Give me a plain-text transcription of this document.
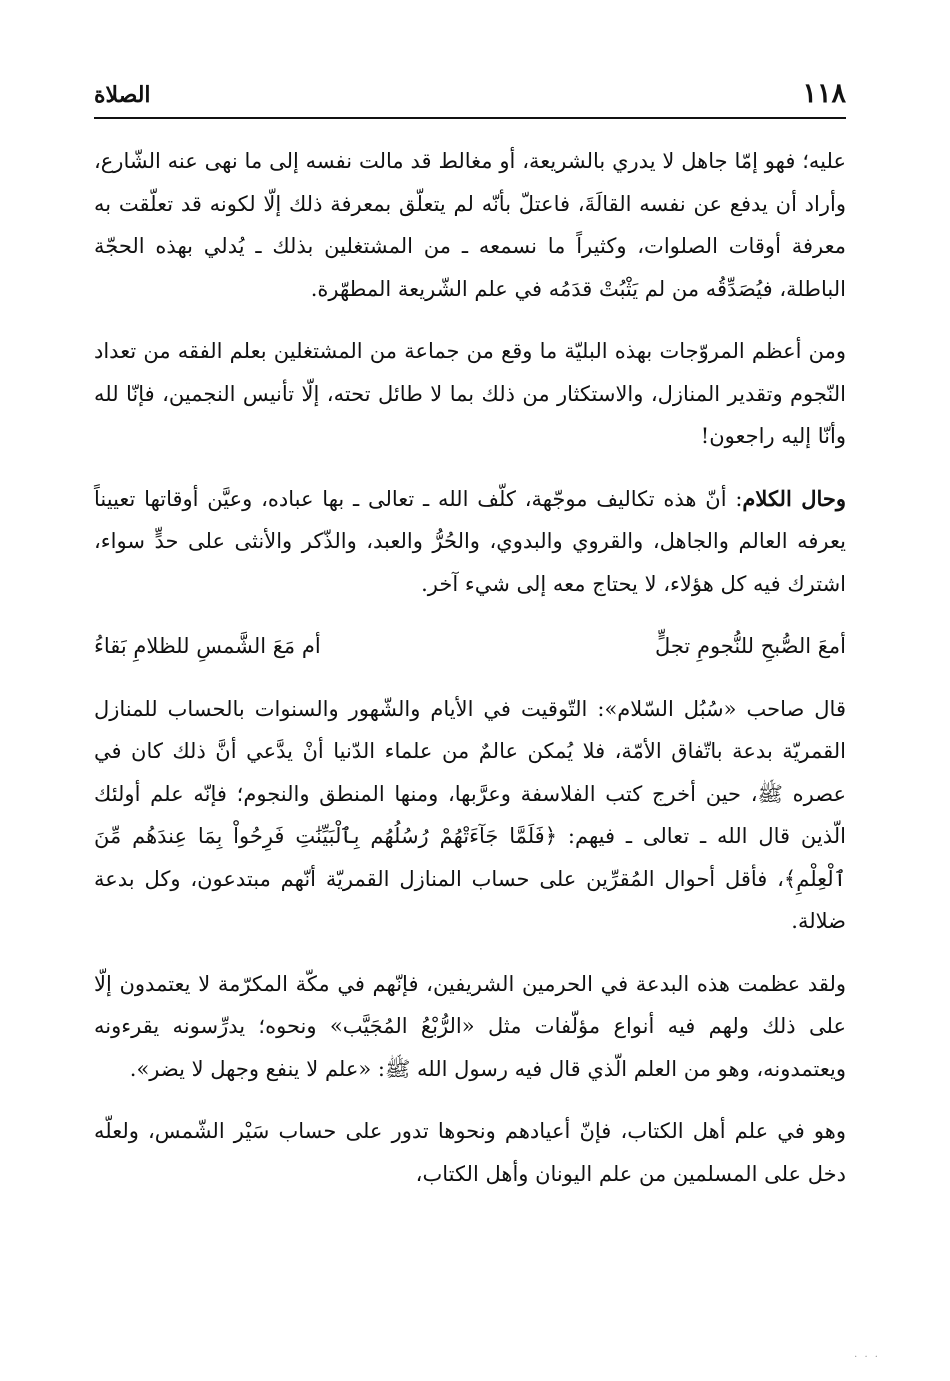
١١٨
الصلاة

عليه؛ فهو إمّا جاهل لا يدري بالشريعة، أو مغالط قد مالت نفسه إلى ما نهى عنه الشّارع، وأراد أن يدفع عن نفسه القالَةَ، فاعتلّ بأنّه لم يتعلّق بمعرفة ذلك إلّا لكونه قد تعلّقت به معرفة أوقات الصلوات، وكثيراً ما نسمعه ـ من المشتغلين بذلك ـ يُدلي بهذه الحجّة الباطلة، فيُصَدِّقُه من لم يَثْبُتْ قدَمُه في علم الشّريعة المطهّرة.

ومن أعظم المروّجات بهذه البليّة ما وقع من جماعة من المشتغلين بعلم الفقه من تعداد النّجوم وتقدير المنازل، والاستكثار من ذلك بما لا طائل تحته، إلّا تأنيس النجمين، فإنّا لله وأنّا إليه راجعون!

وحال الكلام: أنّ هذه تكاليف موجّهة، كلّف الله ـ تعالى ـ بها عباده، وعيَّن أوقاتها تعييناً يعرفه العالم والجاهل، والقروي والبدوي، والحُرُّ والعبد، والذّكر والأنثى على حدٍّ سواء، اشترك فيه كل هؤلاء، لا يحتاج معه إلى شيء آخر.

أمعَ الصُّبحِ للنُّجومِ تجلٍّ
أم مَعَ الشَّمسِ للظلامِ بَقاءُ

قال صاحب «سُبُل السّلام»: التّوقيت في الأيام والشّهور والسنوات بالحساب للمنازل القمريّة بدعة باتّفاق الأمّة، فلا يُمكن عالمٌ من علماء الدّنيا أنْ يدَّعي أنَّ ذلك كان في عصره ﷺ، حين أخرج كتب الفلاسفة وعرَّبها، ومنها المنطق والنجوم؛ فإنّه علم أولئك الّذين قال الله ـ تعالى ـ فيهم: ﴿فَلَمَّا جَآءَتْهُمْ رُسُلُهُم بِٱلْبَيِّنَٰتِ فَرِحُواْ بِمَا عِندَهُم مِّنَ ٱلْعِلْمِ﴾، فأقل أحوال المُقرِّين على حساب المنازل القمريّة أنّهم مبتدعون، وكل بدعة ضلالة.

ولقد عظمت هذه البدعة في الحرمين الشريفين، فإنّهم في مكّة المكرّمة لا يعتمدون إلّا على ذلك ولهم فيه أنواع مؤلّفات مثل «الرُّبْعُ المُجَيَّب» ونحوه؛ يدرِّسونه يقرءونه ويعتمدونه، وهو من العلم الّذي قال فيه رسول الله ﷺ: «علم لا ينفع وجهل لا يضر».

وهو في علم أهل الكتاب، فإنّ أعيادهم ونحوها تدور على حساب سَيْر الشّمس، ولعلّه دخل على المسلمين من علم اليونان وأهل الكتاب،

· · ·
